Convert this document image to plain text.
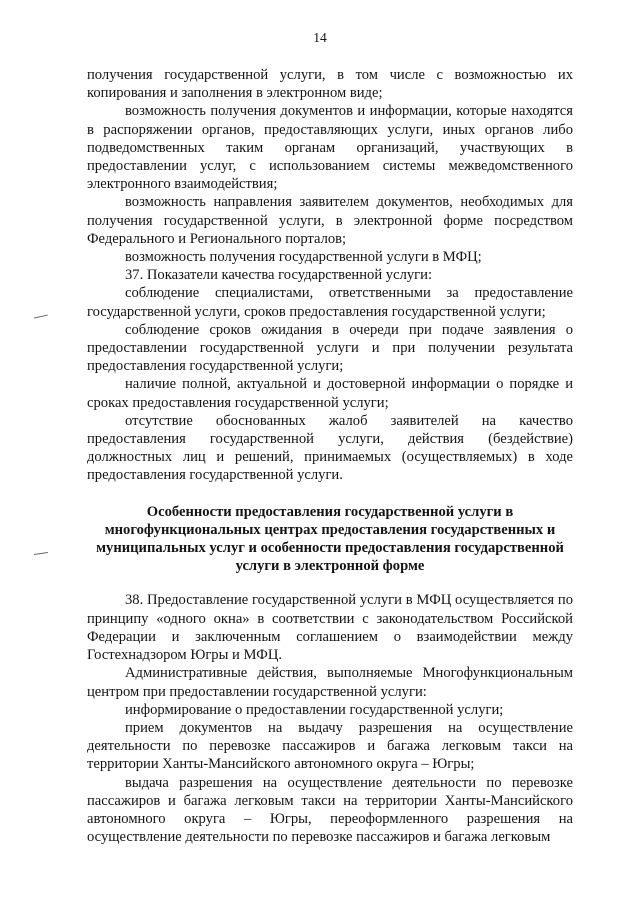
14

получения государственной услуги, в том числе с возможностью их копирования и заполнения в электронном виде;

возможность получения документов и информации, которые находятся в распоряжении органов, предоставляющих услуги, иных органов либо подведомственных таким органам организаций, участвующих в предоставлении услуг, с использованием системы межведомственного электронного взаимодействия;

возможность направления заявителем документов, необходимых для получения государственной услуги, в электронной форме посредством Федерального и Регионального порталов;

возможность получения государственной услуги в МФЦ;

37. Показатели качества государственной услуги:

соблюдение специалистами, ответственными за предоставление государственной услуги, сроков предоставления государственной услуги;

соблюдение сроков ожидания в очереди при подаче заявления о предоставлении государственной услуги и при получении результата предоставления государственной услуги;

наличие полной, актуальной и достоверной информации о порядке и сроках предоставления государственной услуги;

отсутствие обоснованных жалоб заявителей на качество предоставления государственной услуги, действия (бездействие) должностных лиц и решений, принимаемых (осуществляемых) в ходе предоставления государственной услуги.

Особенности предоставления государственной услуги в многофункциональных центрах предоставления государственных и муниципальных услуг и особенности предоставления государственной услуги в электронной форме

38. Предоставление государственной услуги в МФЦ осуществляется по принципу «одного окна» в соответствии с законодательством Российской Федерации и заключенным соглашением о взаимодействии между Гостехнадзором Югры и МФЦ.

Административные действия, выполняемые Многофункциональным центром при предоставлении государственной услуги:

информирование о предоставлении государственной услуги;

прием документов на выдачу разрешения на осуществление деятельности по перевозке пассажиров и багажа легковым такси на территории Ханты-Мансийского автономного округа – Югры;

выдача разрешения на осуществление деятельности по перевозке пассажиров и багажа легковым такси на территории Ханты-Мансийского автономного округа – Югры, переоформленного разрешения на осуществление деятельности по перевозке пассажиров и багажа легковым
